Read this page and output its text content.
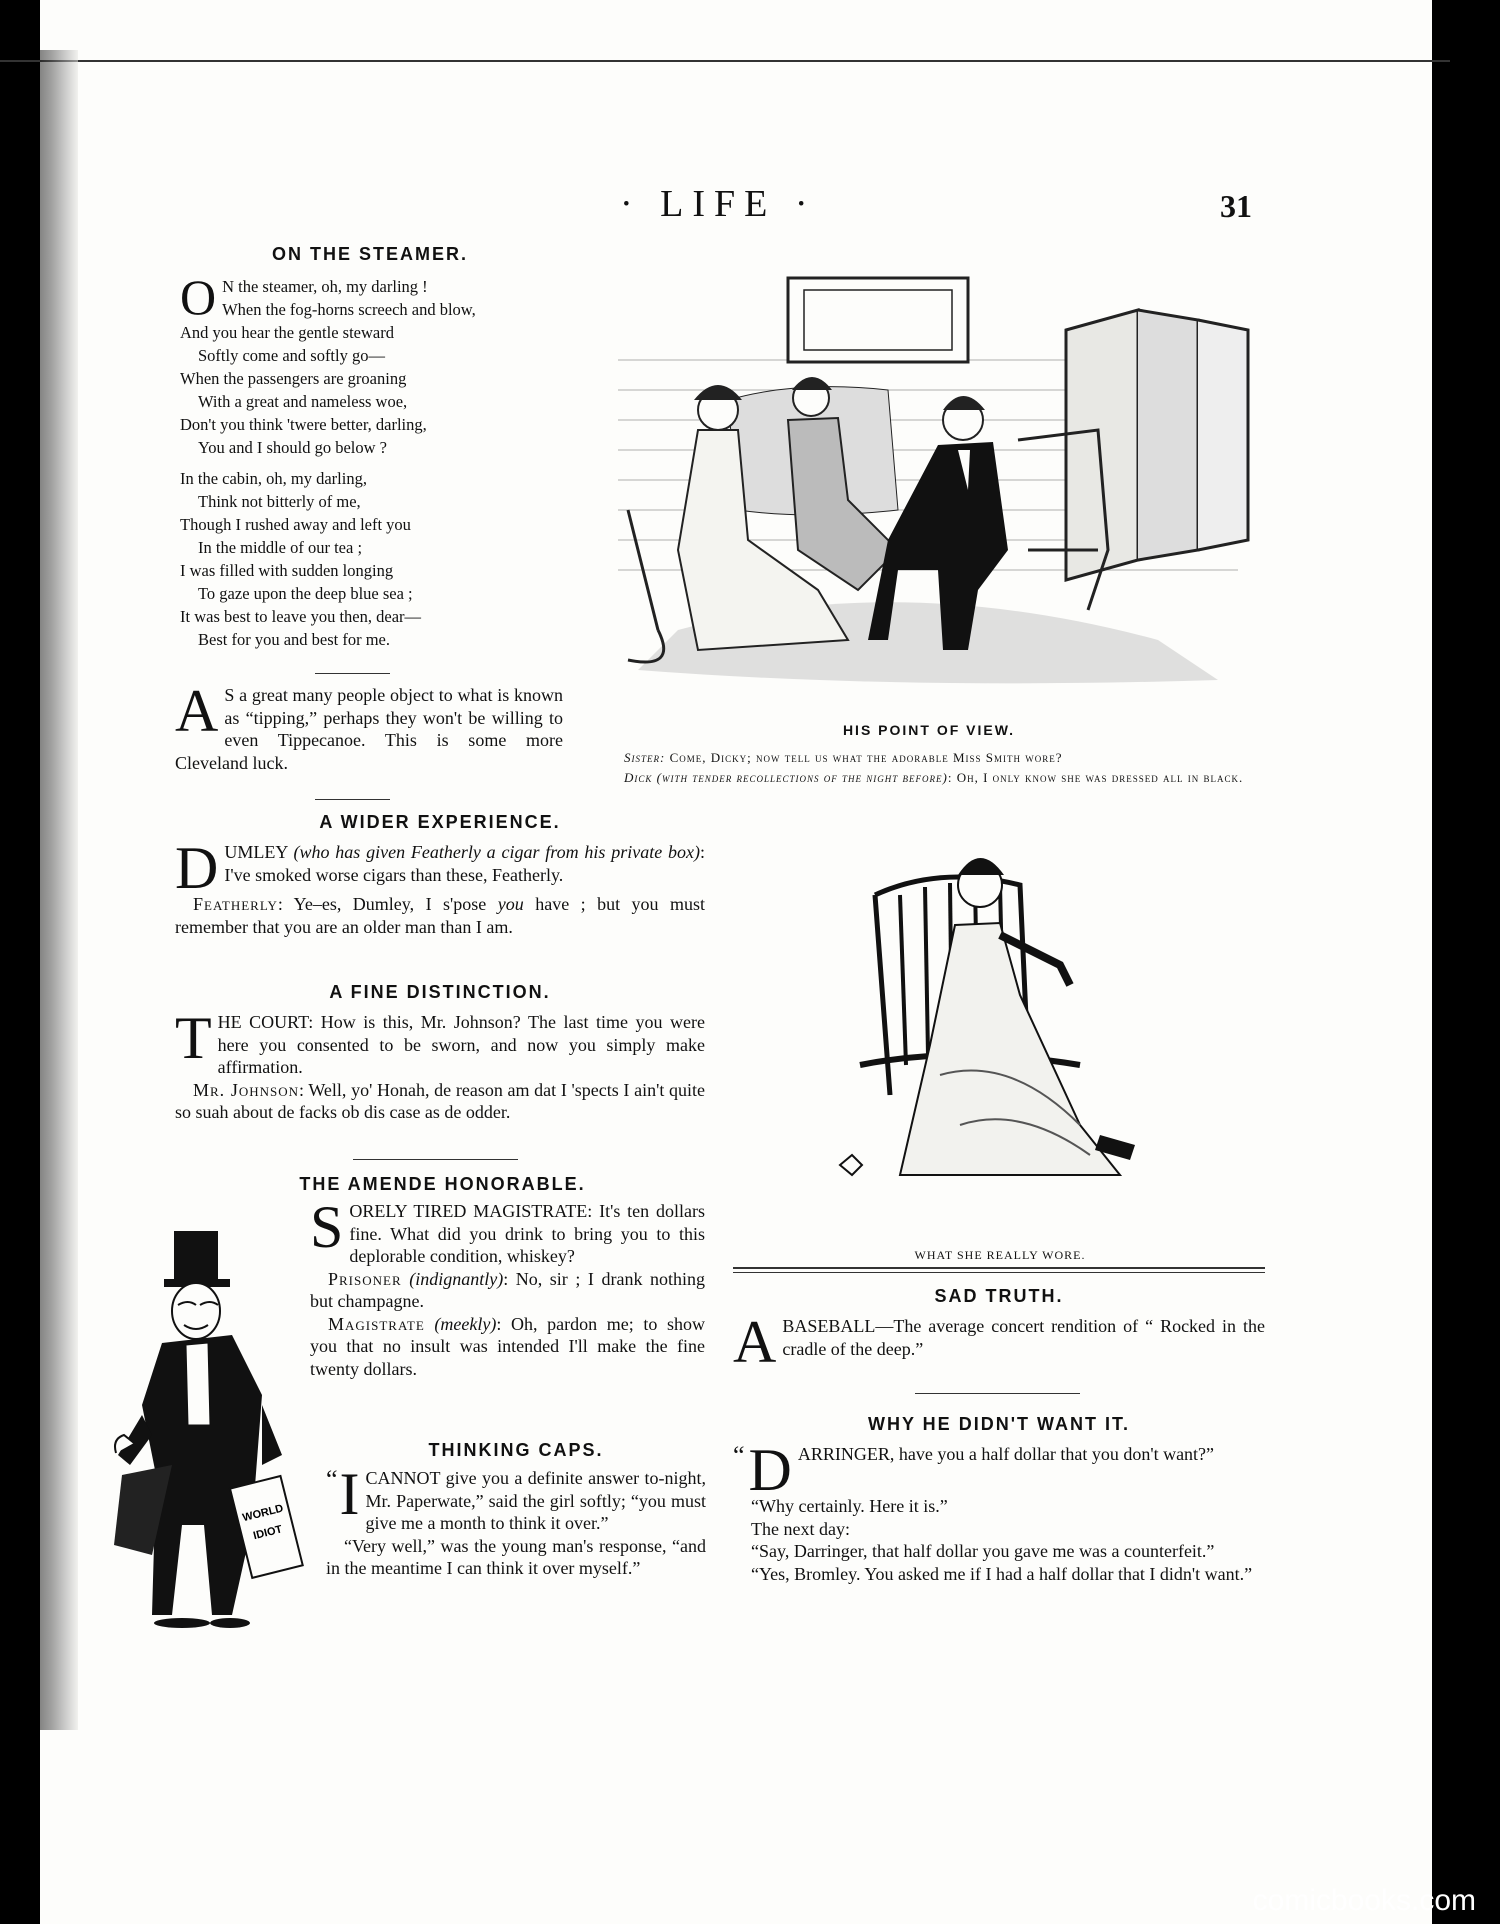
· LIFE ·	31
ON THE STEAMER.
O N the steamer, oh, my darling !
When the fog-horns screech and blow,
And you hear the gentle steward
Softly come and softly go—
When the passengers are groaning
With a great and nameless woe,
Don't you think 'twere better, darling,
You and I should go below ?
In the cabin, oh, my darling,
Think not bitterly of me,
Though I rushed away and left you
In the middle of our tea ;
I was filled with sudden longing
To gaze upon the deep blue sea ;
It was best to leave you then, dear—
Best for you and best for me.
A S a great many people object to what is known as “tipping,” perhaps they won't be willing to even Tippecanoe. This is some more Cleveland luck.
A WIDER EXPERIENCE.

DUMLEY (who has given Featherly a cigar from his private box): I've smoked worse cigars than these, Featherly.

Featherly: Ye–es, Dumley, I s'pose you have ; but you must remember that you are an older man than I am.

A FINE DISTINCTION.

THE COURT: How is this, Mr. Johnson? The last time you were here you consented to be sworn, and now you simply make affirmation.

Mr. Johnson: Well, yo' Honah, de reason am dat I 'spects I ain't quite so suah about de facks ob dis case as de odder.

THE AMENDE HONORABLE.

SORELY TIRED MAGISTRATE: It's ten dollars fine. What did you drink to bring you to this deplorable condition, whiskey?

Prisoner (indignantly): No, sir ; I drank nothing but champagne.

Magistrate (meekly): Oh, pardon me; to show you that no insult was intended I'll make the fine twenty dollars.

THINKING CAPS.

“ I CANNOT give you a definite answer to-night, Mr. Paperwate,” said the girl softly; “you must give me a month to think it over.”

“Very well,” was the young man's response, “and in the meantime I can think it over myself.”

WORLD
IDIOT
HIS POINT OF VIEW.
Sister: Come, Dicky; now tell us what the adorable Miss Smith wore?
Dick (with tender recollections of the night before): Oh, I only know she was dressed all in black.
WHAT SHE REALLY WORE.
SAD TRUTH.

ABASEBALL—The average concert rendition of “ Rocked in the cradle of the deep.”

WHY HE DIDN'T WANT IT.

“ D ARRINGER, have you a half dollar that you don't want?”

“Why certainly. Here it is.”

The next day:

“Say, Darringer, that half dollar you gave me was a counterfeit.”

“Yes, Bromley. You asked me if I had a half dollar that I didn't want.”

comicbooks.com
